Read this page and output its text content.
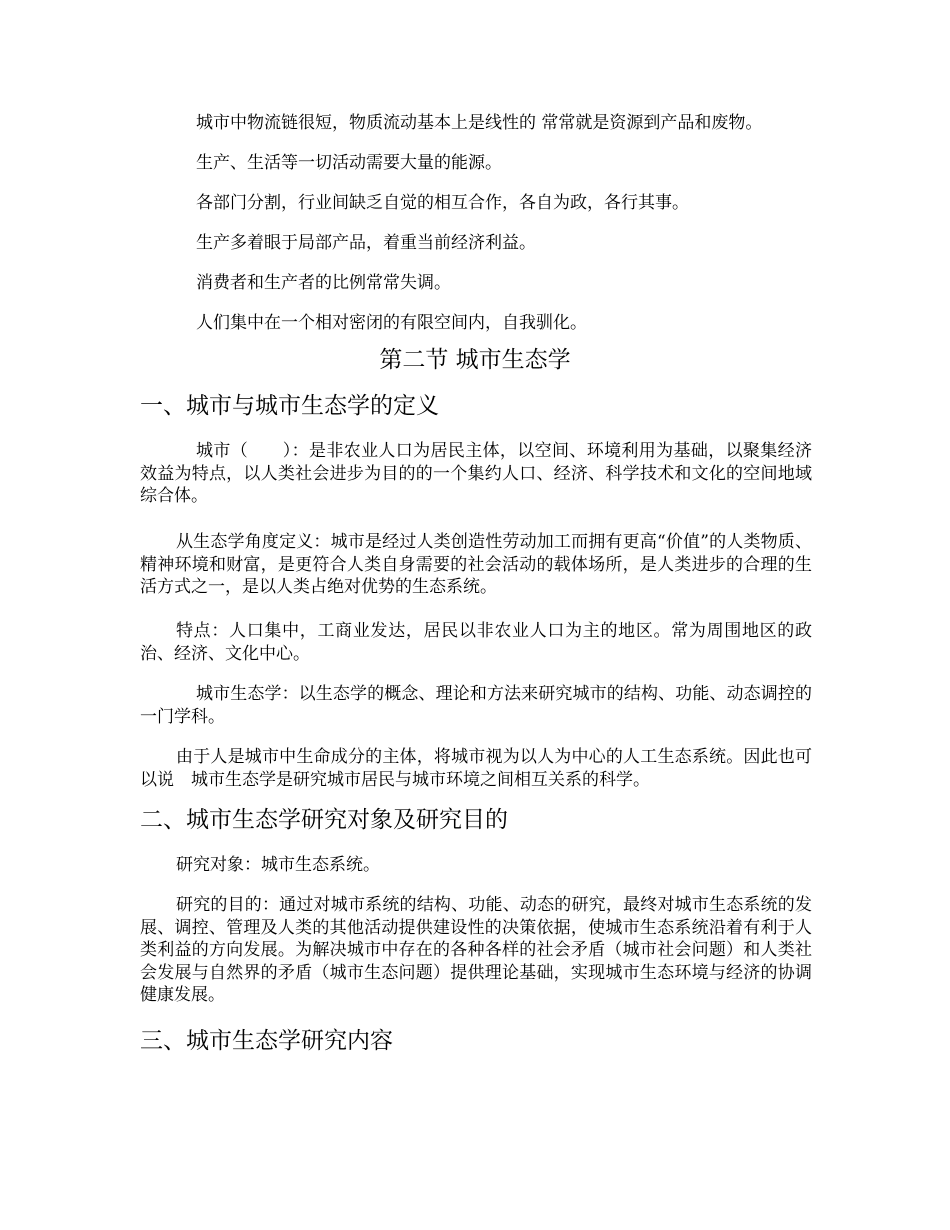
城市中物流链很短，物质流动基本上是线性的 常常就是资源到产品和废物。
生产、生活等一切活动需要大量的能源。
各部门分割，行业间缺乏自觉的相互合作，各自为政，各行其事。
生产多着眼于局部产品，着重当前经济利益。
消费者和生产者的比例常常失调。
人们集中在一个相对密闭的有限空间内，自我驯化。
第二节 城市生态学
一、城市与城市生态学的定义
城市（　　）：是非农业人口为居民主体，以空间、环境利用为基础，以聚集经济效益为特点，以人类社会进步为目的的一个集约人口、经济、科学技术和文化的空间地域综合体。
从生态学角度定义：城市是经过人类创造性劳动加工而拥有更高“价值”的人类物质、精神环境和财富，是更符合人类自身需要的社会活动的载体场所，是人类进步的合理的生活方式之一，是以人类占绝对优势的生态系统。
特点：人口集中，工商业发达，居民以非农业人口为主的地区。常为周围地区的政治、经济、文化中心。
城市生态学：以生态学的概念、理论和方法来研究城市的结构、功能、动态调控的一门学科。
由于人是城市中生命成分的主体，将城市视为以人为中心的人工生态系统。因此也可以说　城市生态学是研究城市居民与城市环境之间相互关系的科学。
二、城市生态学研究对象及研究目的
研究对象：城市生态系统。
研究的目的：通过对城市系统的结构、功能、动态的研究，最终对城市生态系统的发展、调控、管理及人类的其他活动提供建设性的决策依据，使城市生态系统沿着有利于人类利益的方向发展。为解决城市中存在的各种各样的社会矛盾（城市社会问题）和人类社会发展与自然界的矛盾（城市生态问题）提供理论基础，实现城市生态环境与经济的协调健康发展。
三、城市生态学研究内容
